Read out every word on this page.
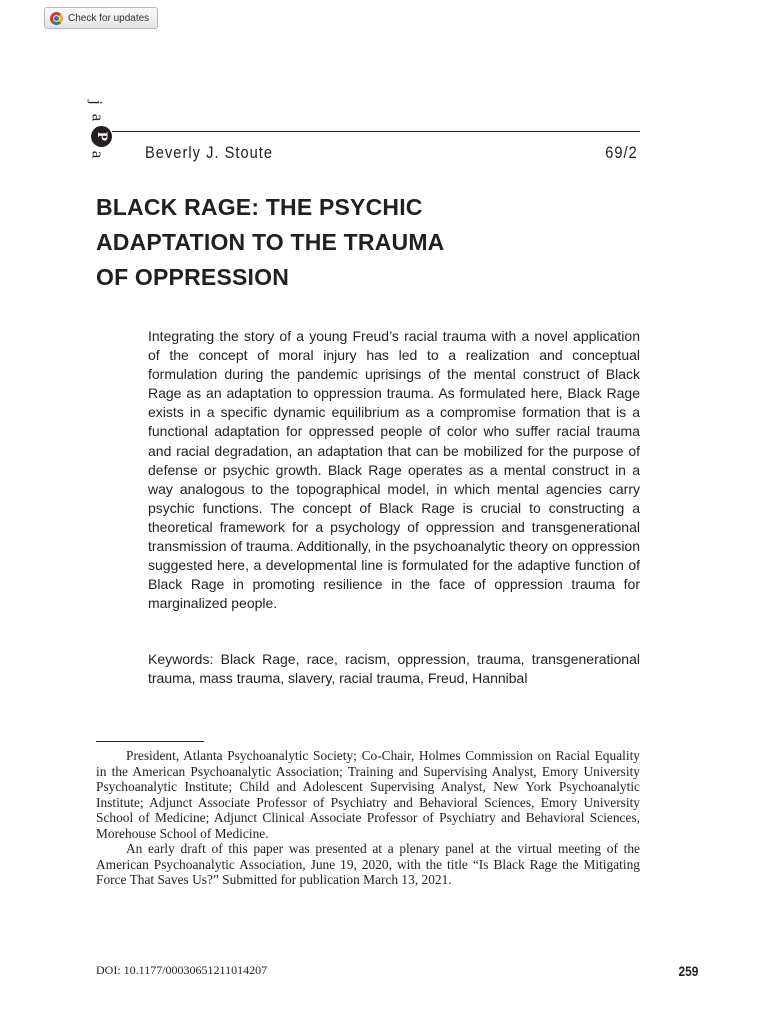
Check for updates
j
a
P
a Beverly J. Stoute	69/2
BLACK RAGE: THE PSYCHIC
ADAPTATION TO THE TRAUMA
OF OPPRESSION
Integrating the story of a young Freud’s racial trauma with a novel application of the concept of moral injury has led to a realization and conceptual formulation during the pandemic uprisings of the mental construct of Black Rage as an adaptation to oppression trauma. As formulated here, Black Rage exists in a specific dynamic equilibrium as a compromise formation that is a functional adaptation for oppressed people of color who suffer racial trauma and racial degradation, an adaptation that can be mobilized for the purpose of defense or psychic growth. Black Rage operates as a mental construct in a way analogous to the topographical model, in which mental agencies carry psychic functions. The concept of Black Rage is crucial to constructing a theoretical framework for a psychology of oppression and transgenerational transmission of trauma. Additionally, in the psychoanalytic theory on oppression suggested here, a developmental line is formulated for the adaptive function of Black Rage in promoting resilience in the face of oppression trauma for marginalized people.
Keywords: Black Rage, race, racism, oppression, trauma, transgenerational trauma, mass trauma, slavery, racial trauma, Freud, Hannibal

President, Atlanta Psychoanalytic Society; Co-Chair, Holmes Commission on Racial Equality in the American Psychoanalytic Association; Training and Supervising Analyst, Emory University Psychoanalytic Institute; Child and Adolescent Supervising Analyst, New York Psychoanalytic Institute; Adjunct Associate Professor of Psychiatry and Behavioral Sciences, Emory University School of Medicine; Adjunct Clinical Associate Professor of Psychiatry and Behavioral Sciences, Morehouse School of Medicine.

An early draft of this paper was presented at a plenary panel at the virtual meeting of the American Psychoanalytic Association, June 19, 2020, with the title “Is Black Rage the Mitigating Force That Saves Us?” Submitted for publication March 13, 2021.

DOI: 10.1177/00030651211014207	259
